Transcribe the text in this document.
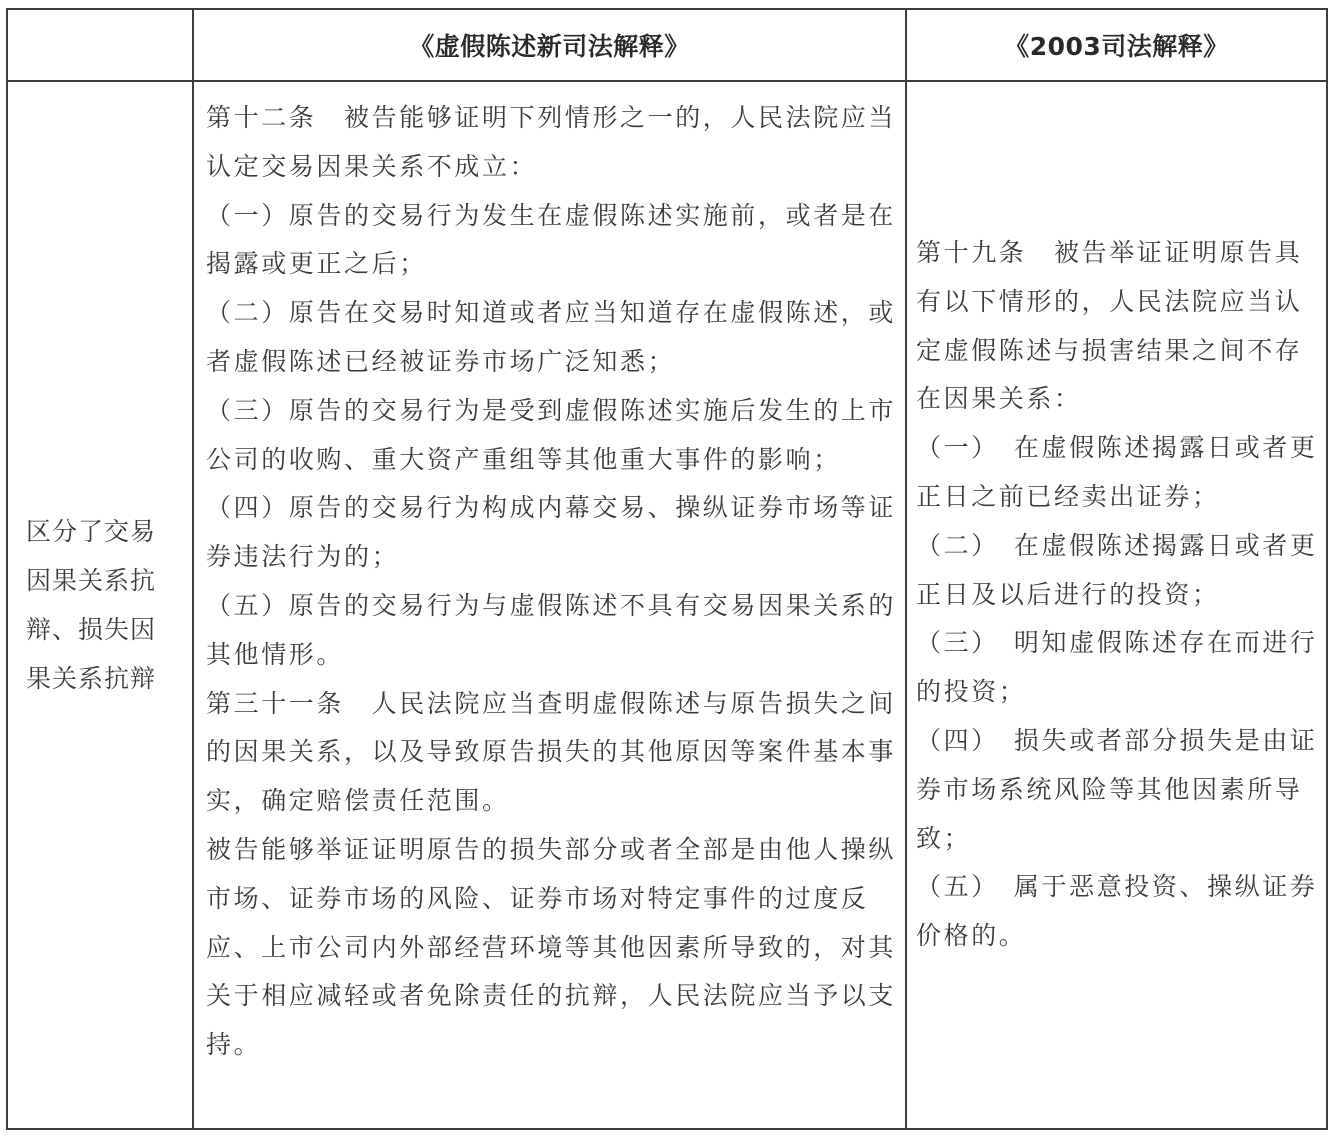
《虚假陈述新司法解释》	《2003司法解释》
区分了交易因果关系抗辩、损失因果关系抗辩

第十二条　被告能够证明下列情形之一的，人民法院应当认定交易因果关系不成立：

（一）原告的交易行为发生在虚假陈述实施前，或者是在揭露或更正之后；

（二）原告在交易时知道或者应当知道存在虚假陈述，或者虚假陈述已经被证券市场广泛知悉；

（三）原告的交易行为是受到虚假陈述实施后发生的上市公司的收购、重大资产重组等其他重大事件的影响；

（四）原告的交易行为构成内幕交易、操纵证券市场等证券违法行为的；

（五）原告的交易行为与虚假陈述不具有交易因果关系的其他情形。

第三十一条　人民法院应当查明虚假陈述与原告损失之间的因果关系，以及导致原告损失的其他原因等案件基本事实，确定赔偿责任范围。

被告能够举证证明原告的损失部分或者全部是由他人操纵市场、证券市场的风险、证券市场对特定事件的过度反应、上市公司内外部经营环境等其他因素所导致的，对其关于相应减轻或者免除责任的抗辩，人民法院应当予以支持。

第十九条　被告举证证明原告具有以下情形的，人民法院应当认定虚假陈述与损害结果之间不存在因果关系：

（一）　在虚假陈述揭露日或者更正日之前已经卖出证券；

（二）　在虚假陈述揭露日或者更正日及以后进行的投资；

（三）　明知虚假陈述存在而进行的投资；

（四）　损失或者部分损失是由证券市场系统风险等其他因素所导致；

（五）　属于恶意投资、操纵证券价格的。
